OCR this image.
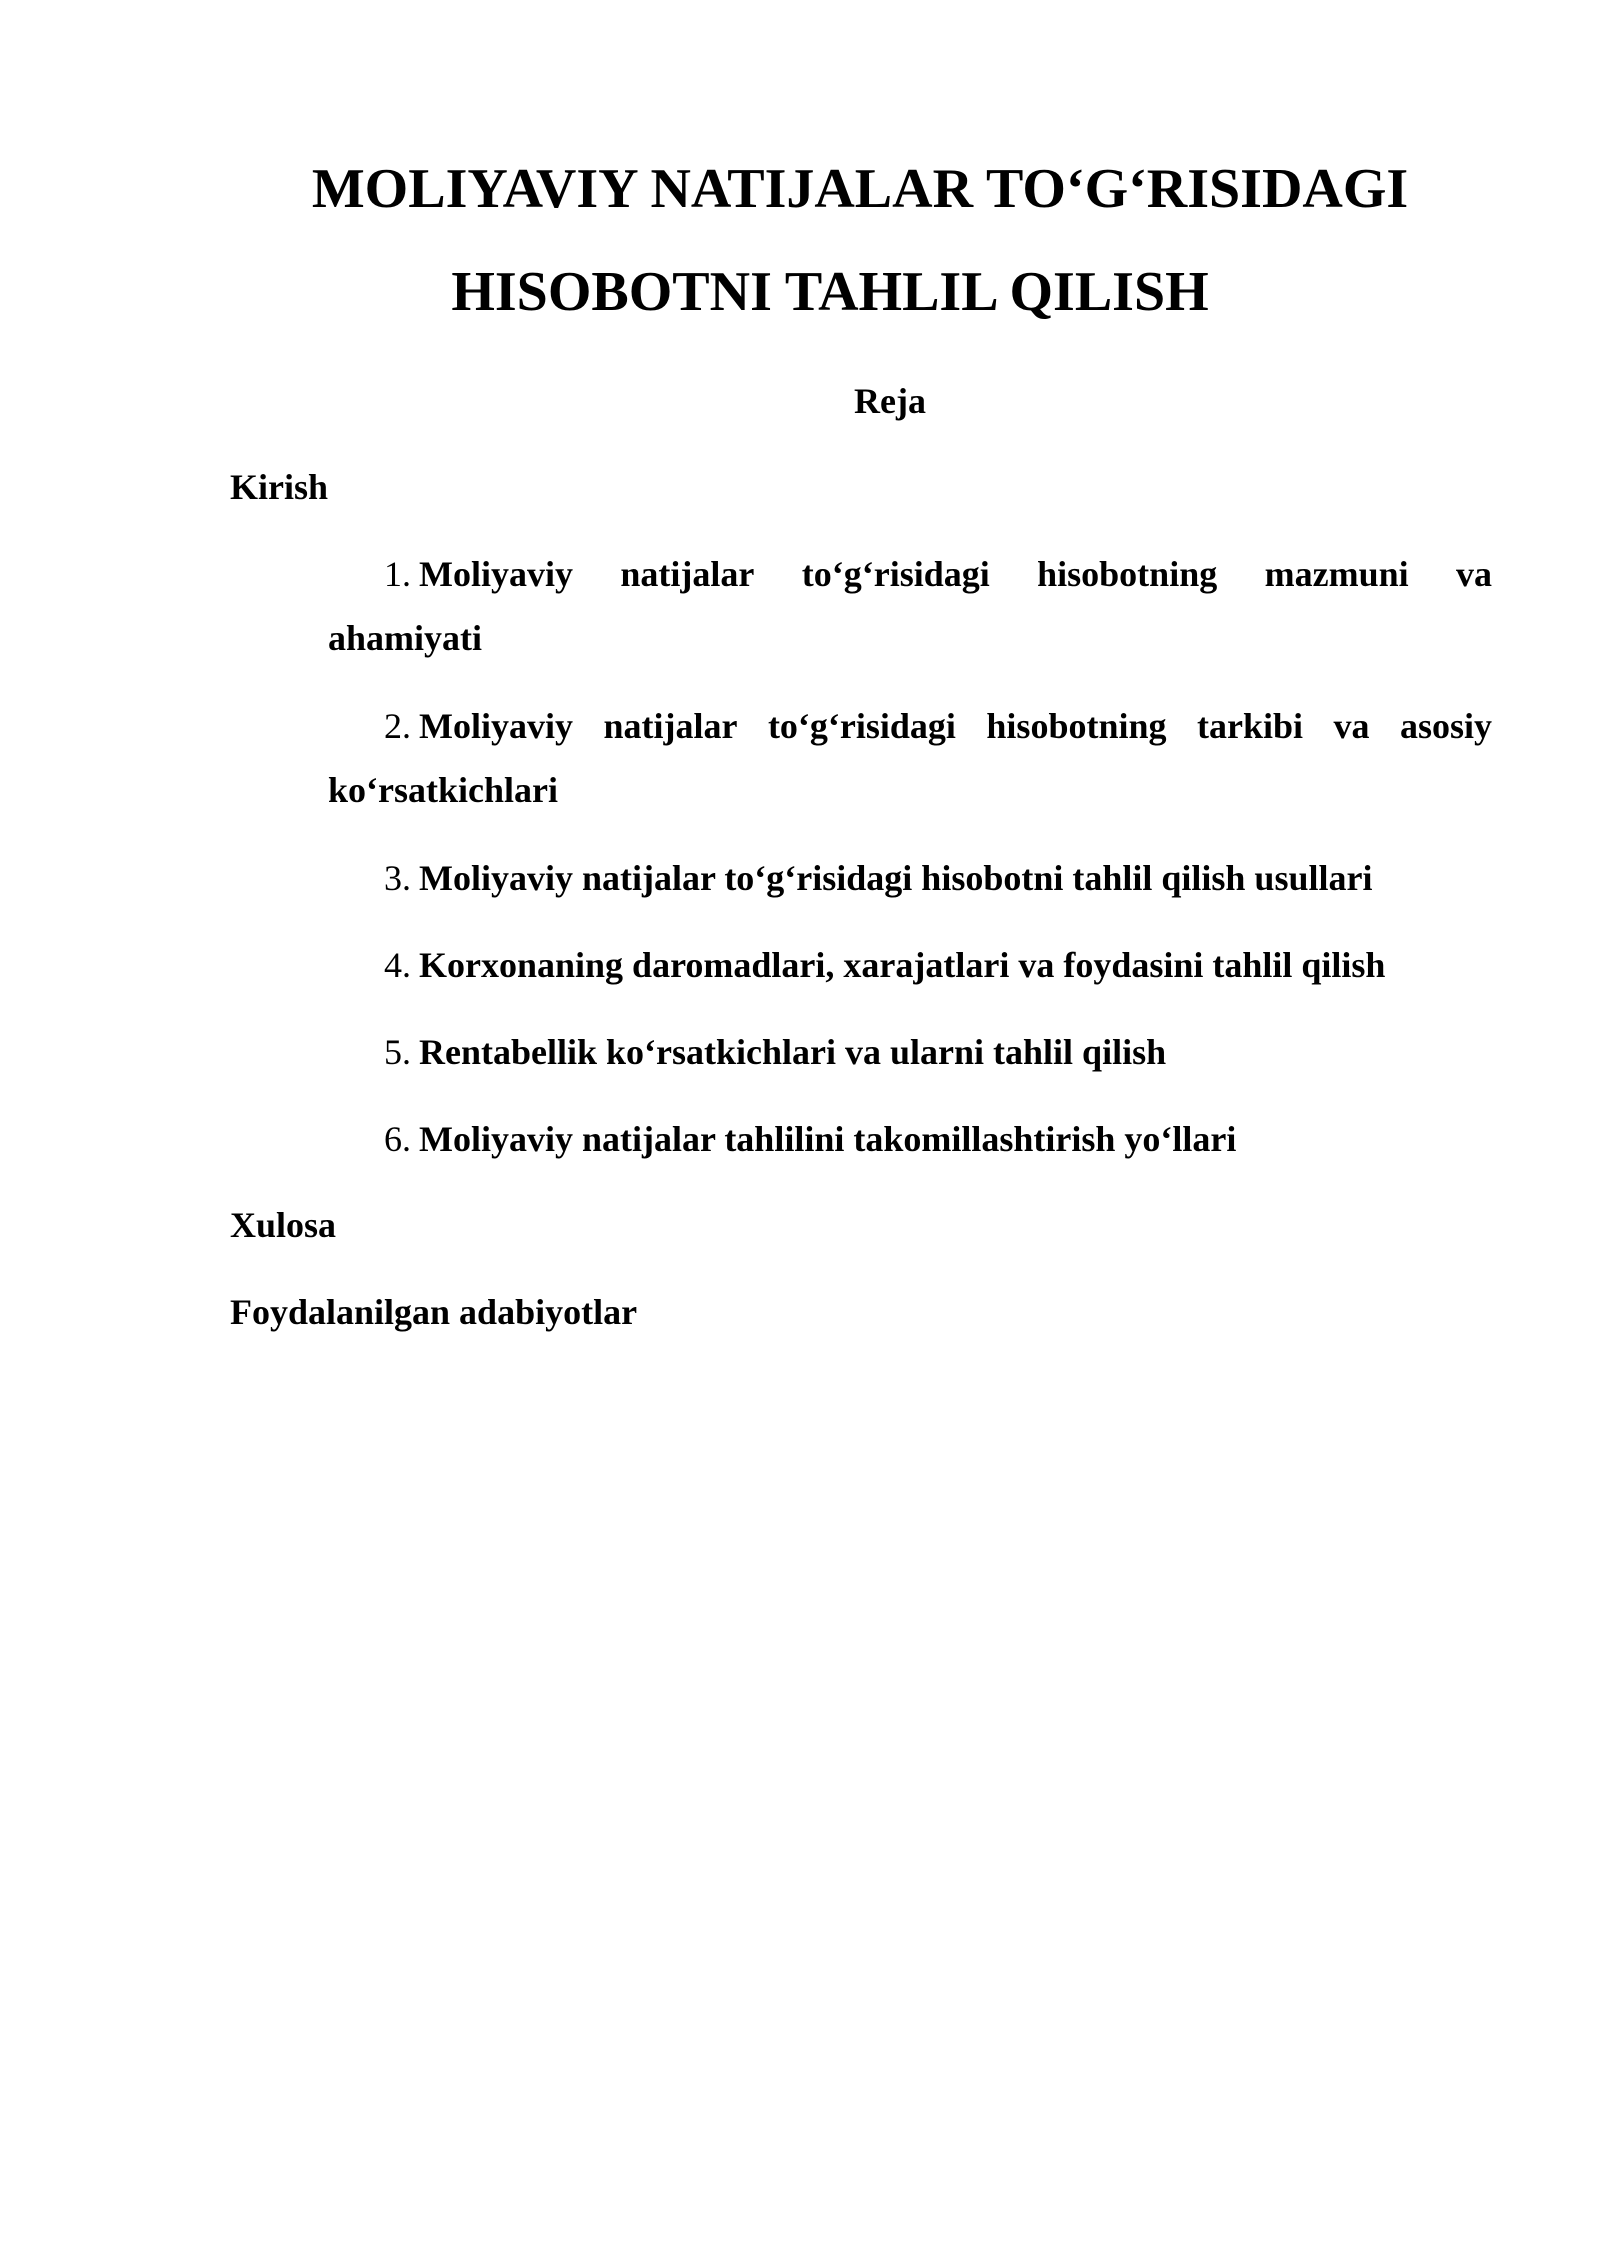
MOLIYAVIY NATIJALAR TO‘G‘RISIDAGI
HISOBOTNI TAHLIL QILISH
Reja
Kirish
1. Moliyaviy natijalar to‘g‘risidagi hisobotning mazmuni va
ahamiyati
2. Moliyaviy natijalar to‘g‘risidagi hisobotning tarkibi va asosiy
ko‘rsatkichlari
3. Moliyaviy natijalar to‘g‘risidagi hisobotni tahlil qilish usullari
4. Korxonaning daromadlari, xarajatlari va foydasini tahlil qilish
5. Rentabellik ko‘rsatkichlari va ularni tahlil qilish
6. Moliyaviy natijalar tahlilini takomillashtirish yo‘llari
Xulosa
Foydalanilgan adabiyotlar
